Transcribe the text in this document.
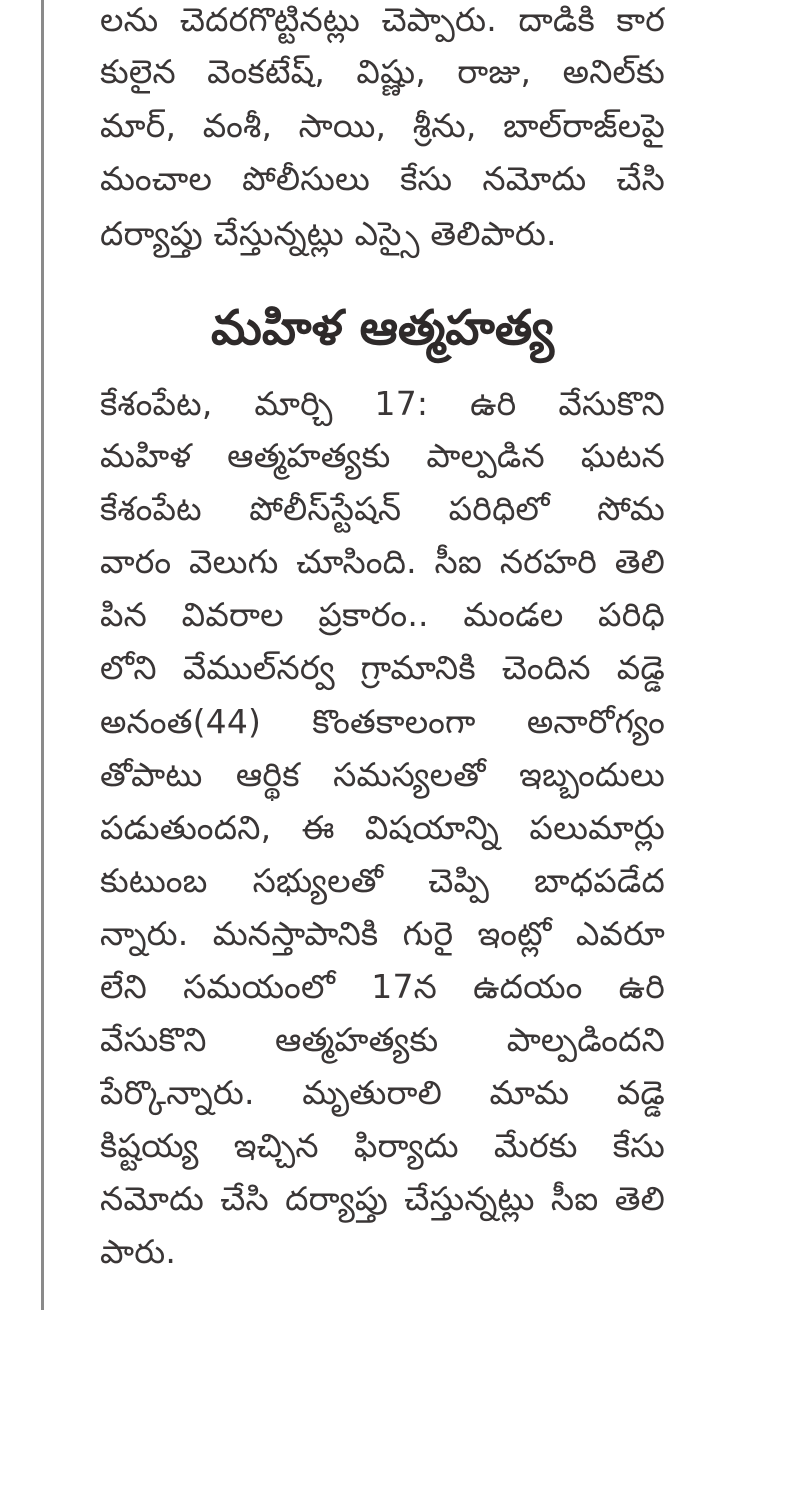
లను చెదరగొట్టినట్లు చెప్పారు. దాడికి కార
కులైన వెంకటేష్, విష్ణు, రాజు, అనిల్‌కు
మార్, వంశీ, సాయి, శ్రీను, బాల్‌రాజ్‌లపై
మంచాల పోలీసులు కేసు నమోదు చేసి
దర్యాప్తు చేస్తున్నట్లు ఎస్సై తెలిపారు.
మహిళ ఆత్మహత్య
కేశంపేట, మార్చి 17: ఉరి వేసుకొని
మహిళ ఆత్మహత్యకు పాల్పడిన ఘటన
కేశంపేట పోలీస్‌స్టేషన్ పరిధిలో సోమ
వారం వెలుగు చూసింది. సీఐ నరహరి తెలి
పిన వివరాల ప్రకారం.. మండల పరిధి
లోని వేముల్‌నర్వ గ్రామానికి చెందిన వడ్డె
అనంత(44) కొంతకాలంగా అనారోగ్యం
తోపాటు ఆర్థిక సమస్యలతో ఇబ్బందులు
పడుతుందని, ఈ విషయాన్ని పలుమార్లు
కుటుంబ సభ్యులతో చెప్పి బాధపడేద
న్నారు. మనస్తాపానికి గురై ఇంట్లో ఎవరూ
లేని సమయంలో 17న ఉదయం ఉరి
వేసుకొని ఆత్మహత్యకు పాల్పడిందని
పేర్కొన్నారు. మృతురాలి మామ వడ్డె
కిష్టయ్య ఇచ్చిన ఫిర్యాదు మేరకు కేసు
నమోదు చేసి దర్యాప్తు చేస్తున్నట్లు సీఐ తెలి
పారు.
